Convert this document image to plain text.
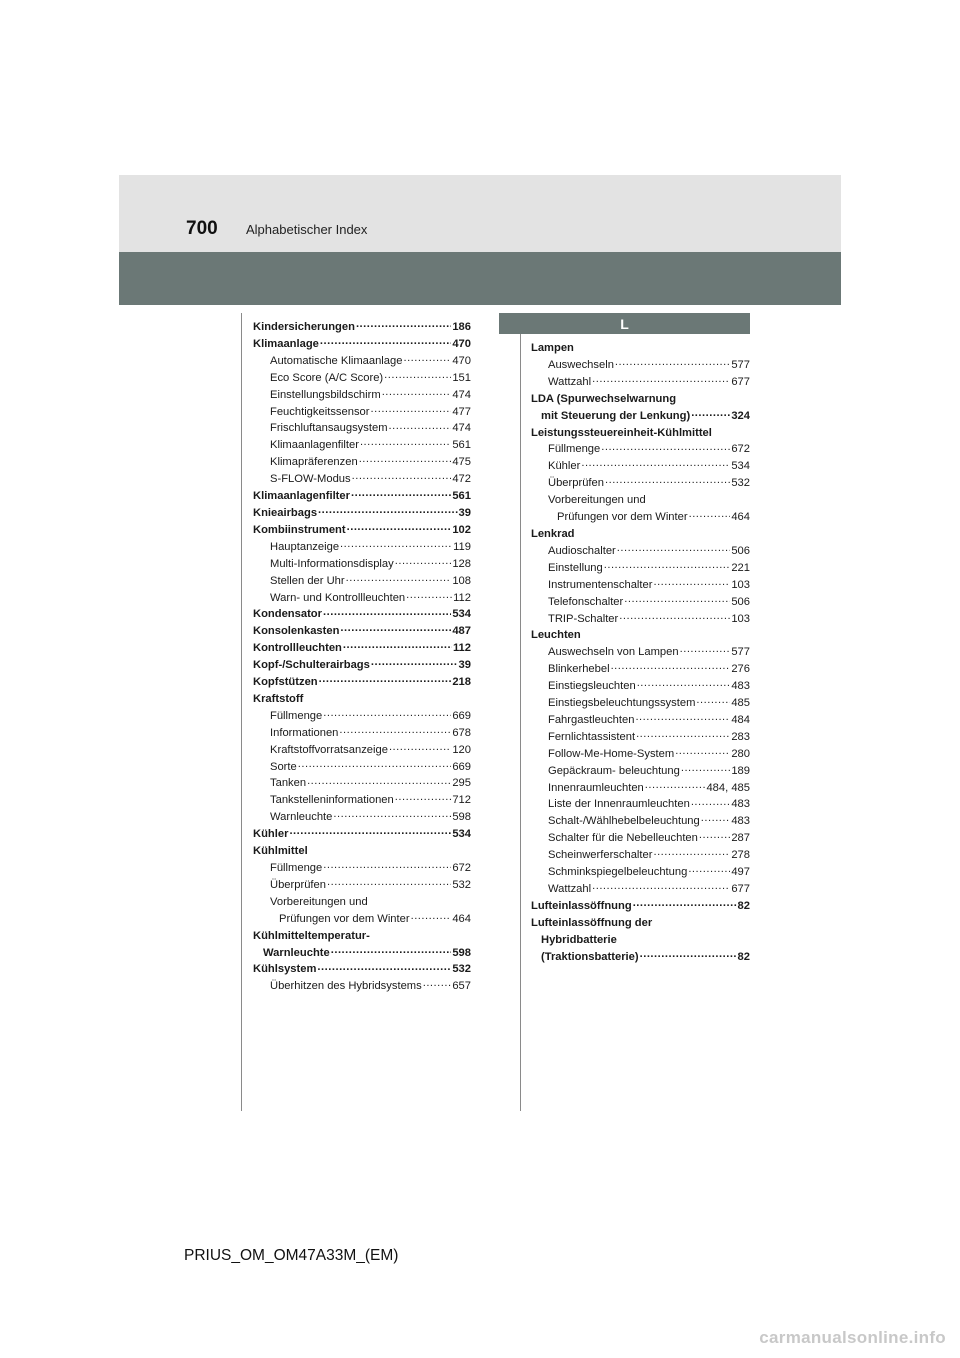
700 Alphabetischer Index
L
Kindersicherungen .....	186
Klimaanlage .....	470
Automatische Klimaanlage .....	470
Eco Score (A/C Score) .....	151
Einstellungsbildschirm .....	474
Feuchtigkeitssensor .....	477
Frischluftansaugsystem .....	474
Klimaanlagenfilter .....	561
Klimapräferenzen .....	475
S-FLOW-Modus .....	472
Klimaanlagenfilter .....	561
Knieairbags .....	39
Kombiinstrument .....	102
Hauptanzeige .....	119
Multi-Informationsdisplay .....	128
Stellen der Uhr .....	108
Warn- und Kontrollleuchten .....	112
Kondensator .....	534
Konsolenkasten .....	487
Kontrollleuchten .....	112
Kopf-/Schulterairbags .....	39
Kopfstützen .....	218
Kraftstoff
Füllmenge .....	669
Informationen .....	678
Kraftstoffvorratsanzeige .....	120
Sorte .....	669
Tanken .....	295
Tankstelleninformationen .....	712
Warnleuchte .....	598
Kühler .....	534
Kühlmittel
Füllmenge .....	672
Überprüfen .....	532
Vorbereitungen und
Prüfungen vor dem Winter .....	464
Kühlmitteltemperatur-
Warnleuchte .....	598
Kühlsystem .....	532
Überhitzen des Hybridsystems .....	657
Lampen
Auswechseln .....	577
Wattzahl .....	677
LDA (Spurwechselwarnung
mit Steuerung der Lenkung) .....	324
Leistungssteuereinheit-Kühlmittel
Füllmenge .....	672
Kühler .....	534
Überprüfen .....	532
Vorbereitungen und
Prüfungen vor dem Winter .....	464
Lenkrad
Audioschalter .....	506
Einstellung .....	221
Instrumentenschalter .....	103
Telefonschalter .....	506
TRIP-Schalter .....	103
Leuchten
Auswechseln von Lampen .....	577
Blinkerhebel .....	276
Einstiegsleuchten .....	483
Einstiegsbeleuchtungssystem .....	485
Fahrgastleuchten .....	484
Fernlichtassistent .....	283
Follow-Me-Home-System .....	280
Gepäckraum- beleuchtung .....	189
Innenraumleuchten .....	484, 485
Liste der Innenraumleuchten .....	483
Schalt-/Wählhebelbeleuchtung .....	483
Schalter für die Nebelleuchten .....	287
Scheinwerferschalter .....	278
Schminkspiegelbeleuchtung .....	497
Wattzahl .....	677
Lufteinlassöffnung .....	82
Lufteinlassöffnung der
Hybridbatterie
(Traktionsbatterie) .....	82
PRIUS_OM_OM47A33M_(EM)
carmanualsonline.info
